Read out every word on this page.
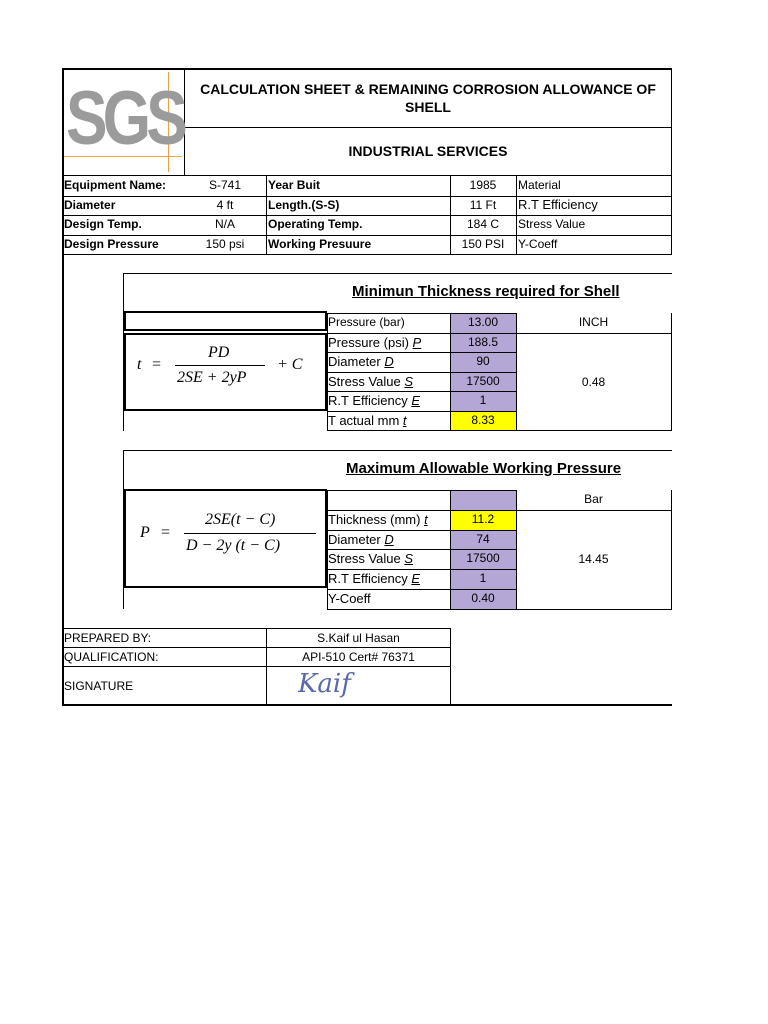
SGS	CALCULATION SHEET & REMAINING CORROSION ALLOWANCE OF
SHELL
INDUSTRIAL SERVICES
Equipment Name:	S-741	Year Buit	1985	Material
Diameter	4 ft	Length.(S-S)	11 Ft	R.T Efficiency
Design Temp.	N/A	Operating Temp.	184 C	Stress Value
Design Pressure	150 psi	Working Presuure	150 PSI	Y-Coeff
Minimun Thickness required for Shell
t =
PD
2SE + 2yP
+ C
Pressure (bar)	13.00
Pressure (psi) P	188.5
Diameter D	90
Stress Value S	17500
R.T Efficiency E	1
T actual mm t	8.33
INCH
0.48
Maximum Allowable Working Pressure
P =
2SE(t − C)
D − 2y (t − C)
Bar
Thickness (mm) t	11.2
Diameter D	74
Stress Value S	17500
R.T Efficiency E	1
Y-Coeff	0.40
14.45
PREPARED BY:	S.Kaif ul Hasan
QUALIFICATION:	API-510 Cert# 76371
SIGNATURE	Kaif
